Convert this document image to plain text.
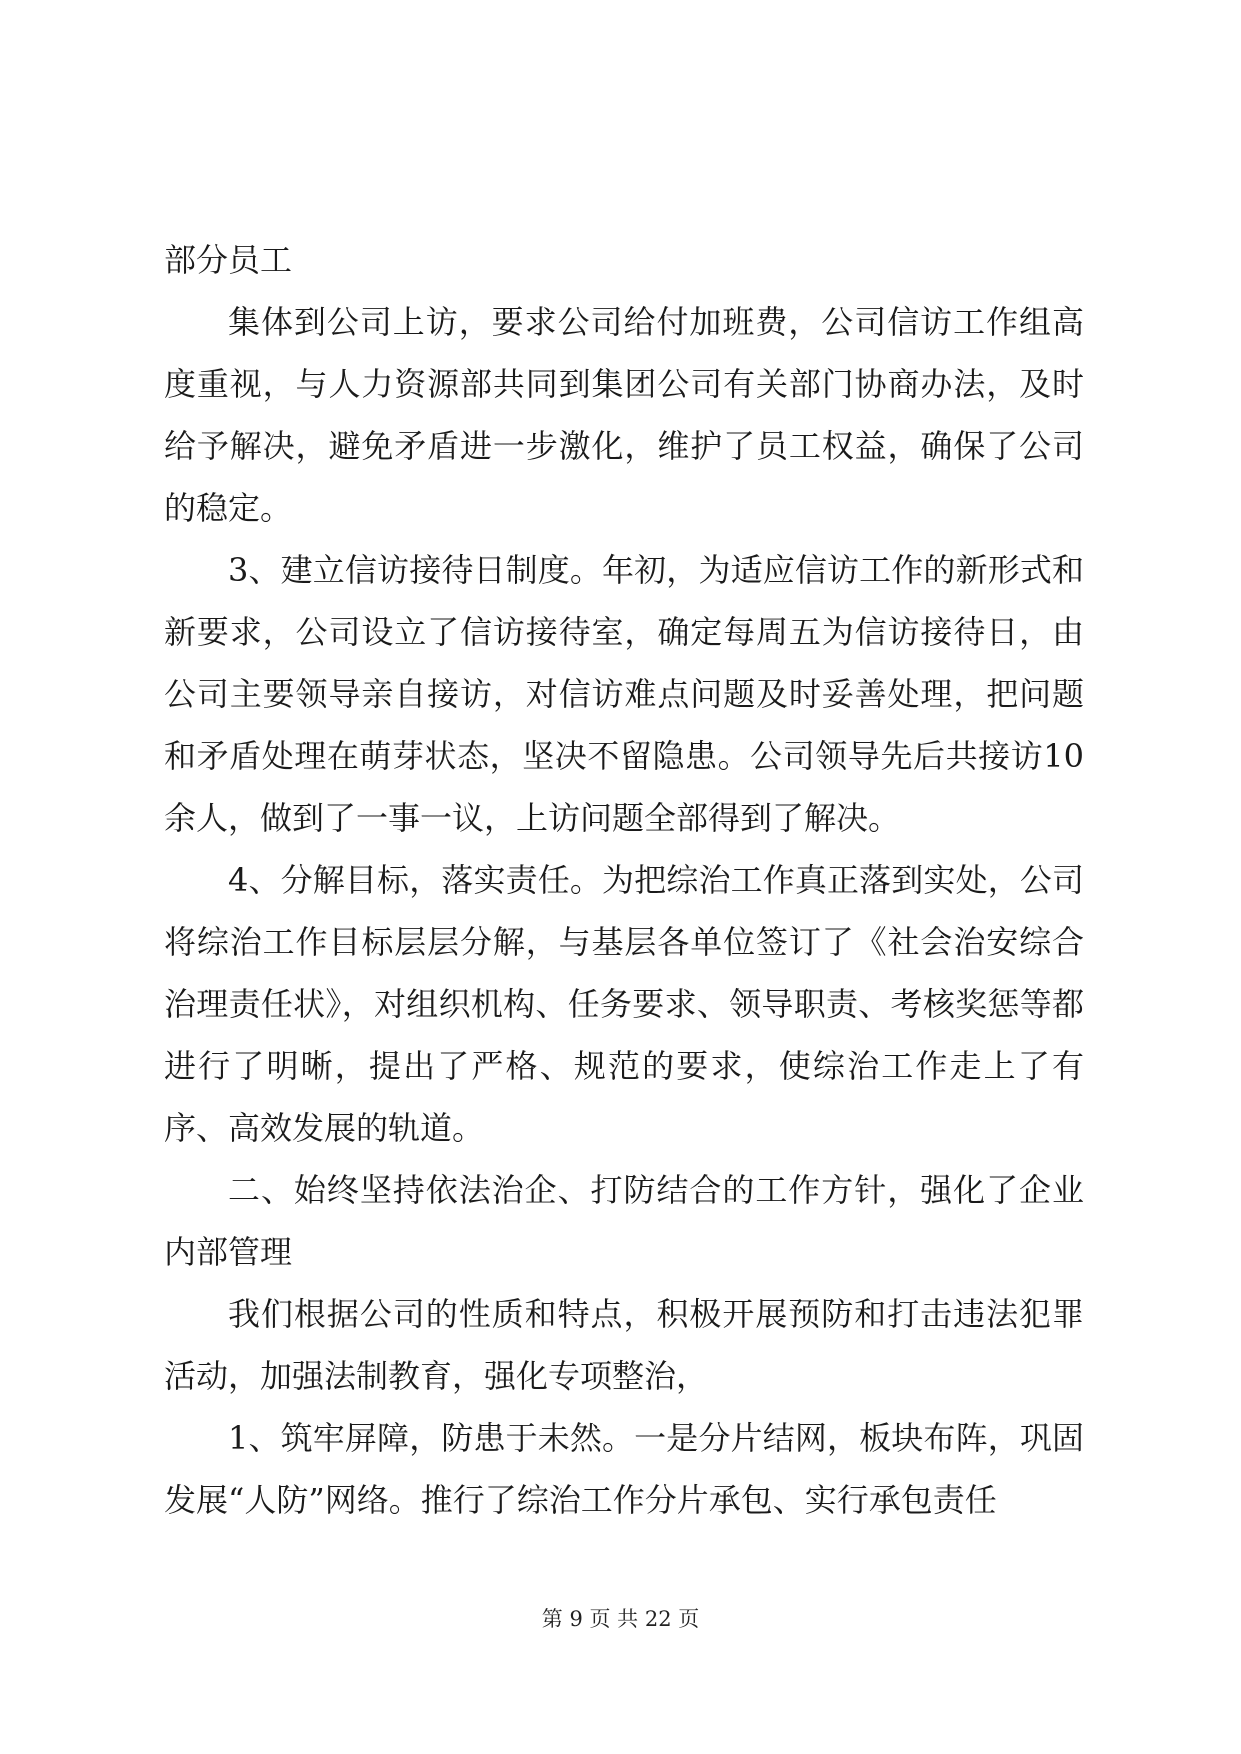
部分员工

集体到公司上访，要求公司给付加班费，公司信访工作组高度重视，与人力资源部共同到集团公司有关部门协商办法，及时给予解决，避免矛盾进一步激化，维护了员工权益，确保了公司的稳定。

3、建立信访接待日制度。年初，为适应信访工作的新形式和新要求，公司设立了信访接待室，确定每周五为信访接待日，由公司主要领导亲自接访，对信访难点问题及时妥善处理，把问题和矛盾处理在萌芽状态，坚决不留隐患。公司领导先后共接访10余人，做到了一事一议，上访问题全部得到了解决。

4、分解目标，落实责任。为把综治工作真正落到实处，公司将综治工作目标层层分解，与基层各单位签订了《社会治安综合治理责任状》，对组织机构、任务要求、领导职责、考核奖惩等都进行了明晰，提出了严格、规范的要求，使综治工作走上了有序、高效发展的轨道。

二、始终坚持依法治企、打防结合的工作方针，强化了企业内部管理

我们根据公司的性质和特点，积极开展预防和打击违法犯罪活动，加强法制教育，强化专项整治，

1、筑牢屏障，防患于未然。一是分片结网，板块布阵，巩固发展“人防”网络。推行了综治工作分片承包、实行承包责任

第 9 页 共 22 页
